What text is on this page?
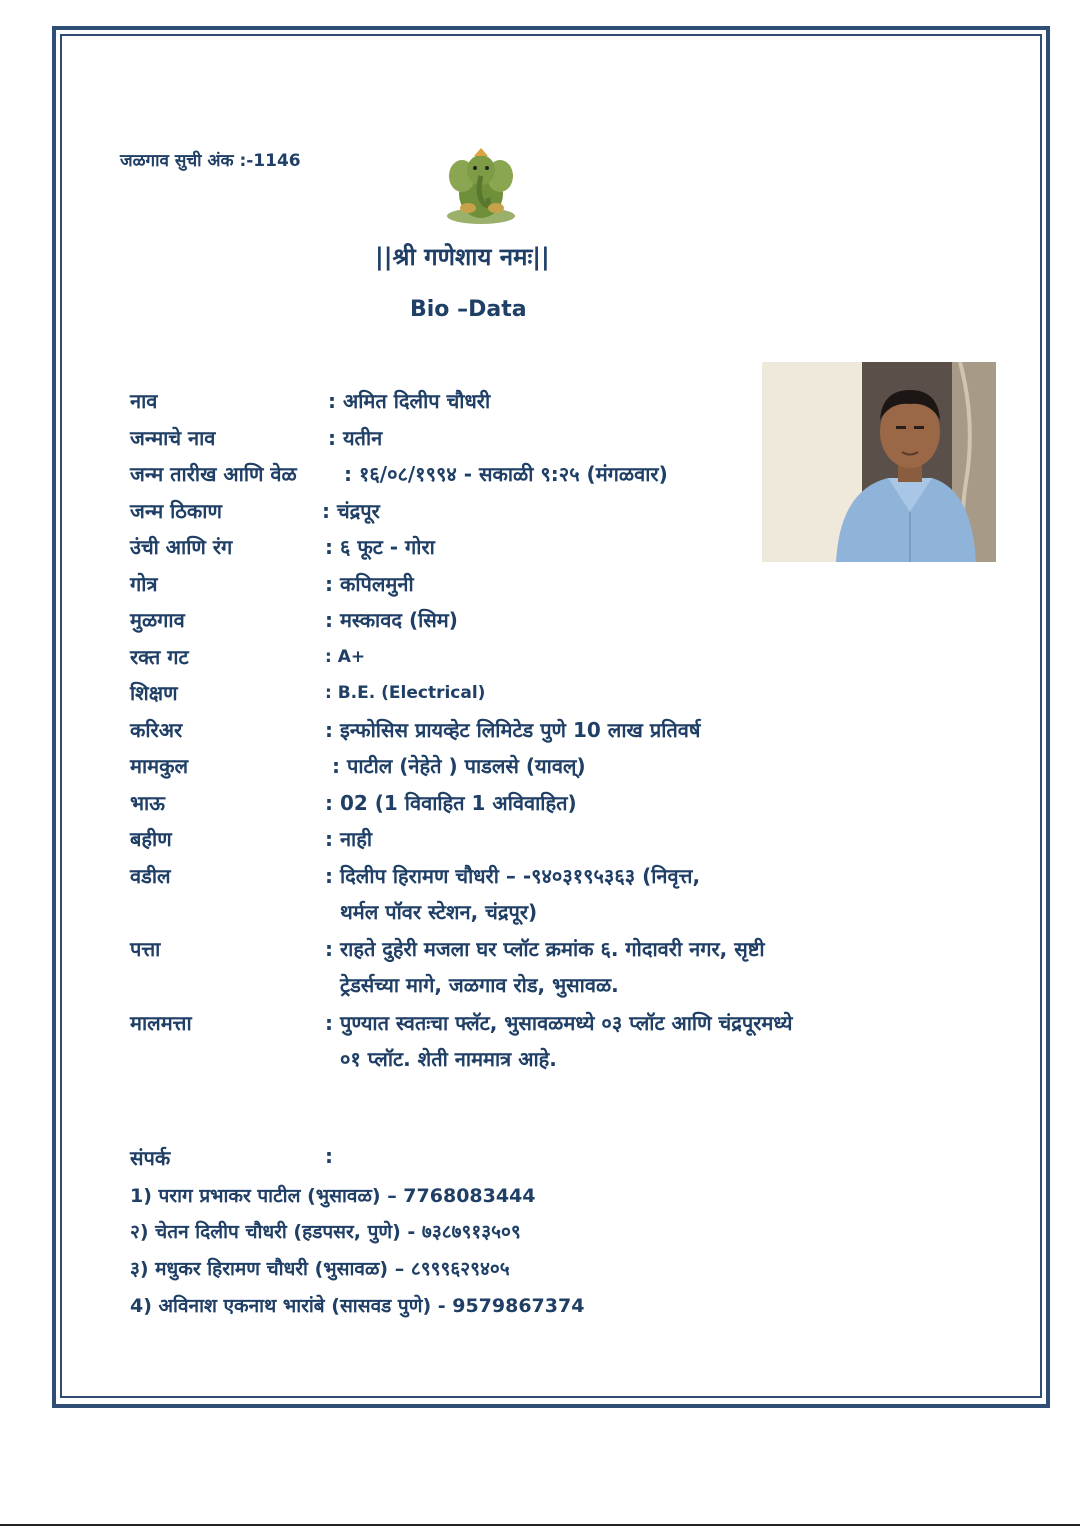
जळगाव सुची अंक :-1146
||श्री गणेशाय नमः||
Bio –Data
नाव	: अमित दिलीप चौधरी
जन्माचे नाव	: यतीन
जन्म तारीख आणि वेळ : १६/०८/१९९४ - सकाळी ९:२५ (मंगळवार)
जन्म ठिकाण	: चंद्रपूर
उंची आणि रंग	: ६ फूट - गोरा
गोत्र	: कपिलमुनी
मुळगाव	: मस्कावद (सिम)
रक्त गट	: A+
शिक्षण	: B.E. (Electrical)
करिअर	: इन्फोसिस प्रायव्हेट लिमिटेड पुणे 10 लाख प्रतिवर्ष
मामकुल	: पाटील (नेहेते ) पाडलसे (यावल्)
भाऊ	: 02 (1 विवाहित 1 अविवाहित)
बहीण	: नाही
वडील	: दिलीप हिरामण चौधरी – -९४०३१९५३६३ (निवृत्त,
थर्मल पॉवर स्टेशन, चंद्रपूर)
पत्ता	: राहते दुहेरी मजला घर प्लॉट क्रमांक ६. गोदावरी नगर, सृष्टी
ट्रेडर्सच्या मागे, जळगाव रोड, भुसावळ.
मालमत्ता	: पुण्यात स्वतःचा फ्लॅट, भुसावळमध्ये ०३ प्लॉट आणि चंद्रपूरमध्ये
०१ प्लॉट. शेती नाममात्र आहे.
संपर्क	:
1) पराग प्रभाकर पाटील (भुसावळ) – 7768083444
२) चेतन दिलीप चौधरी (हडपसर, पुणे) - ७३८७९१३५०९
३) मधुकर हिरामण चौधरी (भुसावळ) – ८९९९६२९४०५
4) अविनाश एकनाथ भारांबे (सासवड पुणे) - 9579867374
